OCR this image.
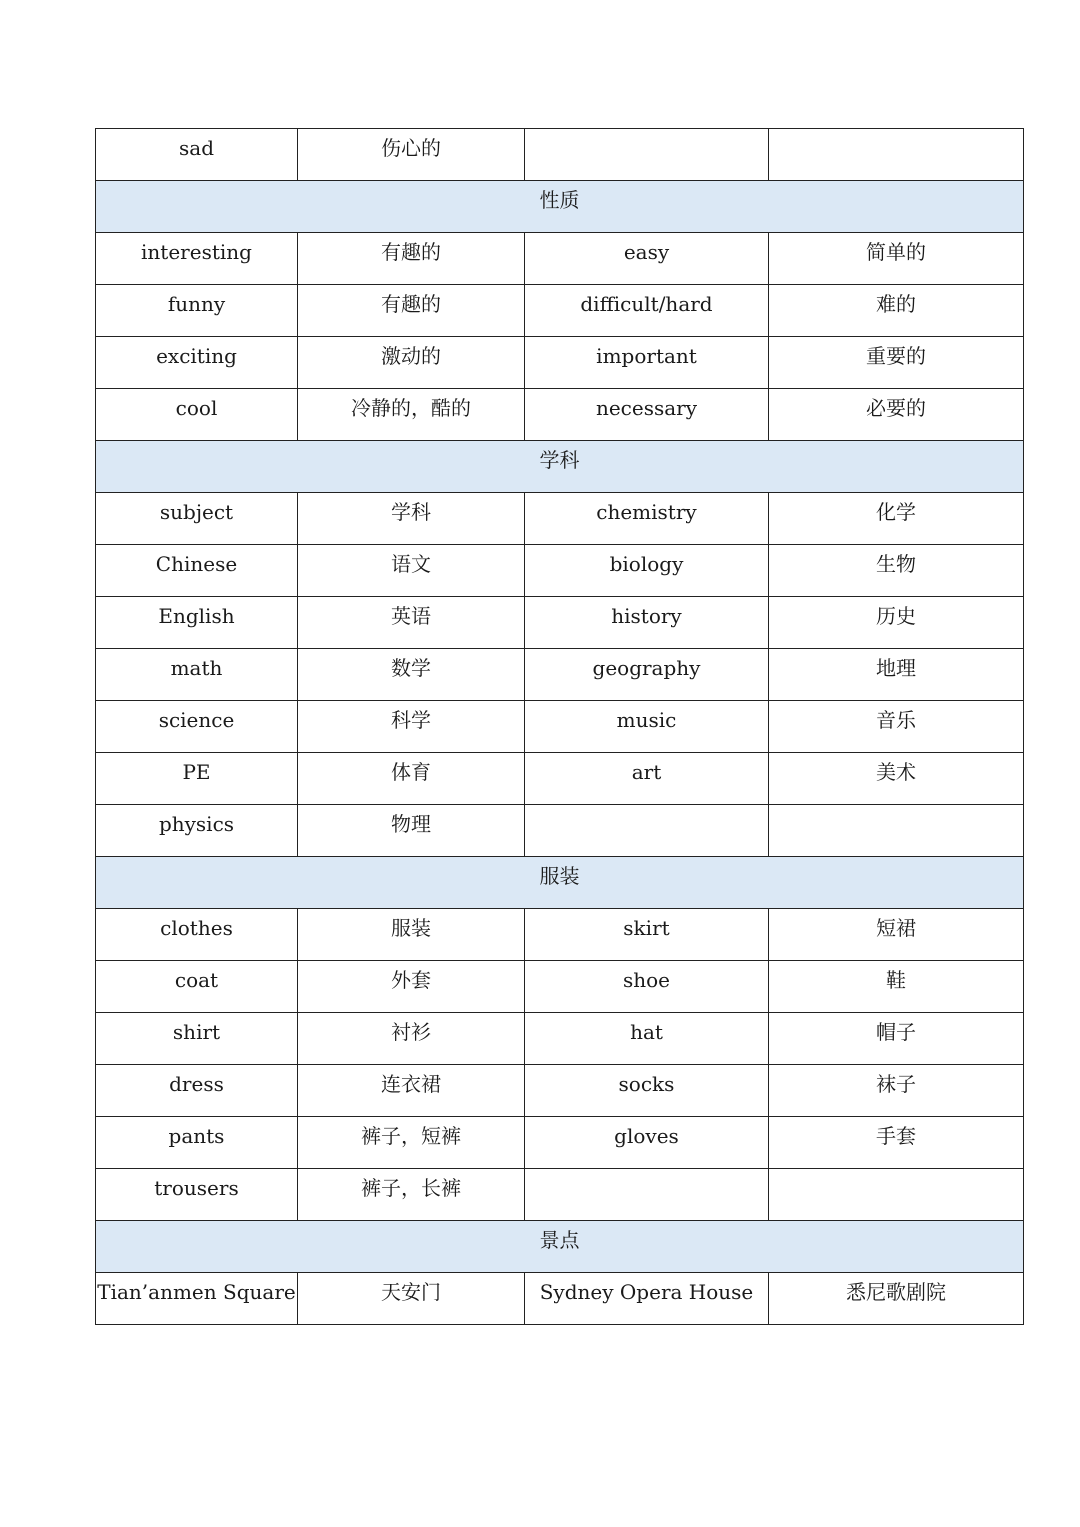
sad	伤心的		

性质			

interesting	有趣的	easy	简单的

funny	有趣的	difficult/hard	难的

exciting	激动的	important	重要的

cool	冷静的，酷的	necessary	必要的

学科			

subject	学科	chemistry	化学

Chinese	语文	biology	生物

English	英语	history	历史

math	数学	geography	地理

science	科学	music	音乐

PE	体育	art	美术

physics	物理		

服装			

clothes	服装	skirt	短裙

coat	外套	shoe	鞋

shirt	衬衫	hat	帽子

dress	连衣裙	socks	袜子

pants	裤子，短裤	gloves	手套

trousers	裤子，长裤		

景点			

Tian’anmen Square	天安门	Sydney Opera House	悉尼歌剧院
